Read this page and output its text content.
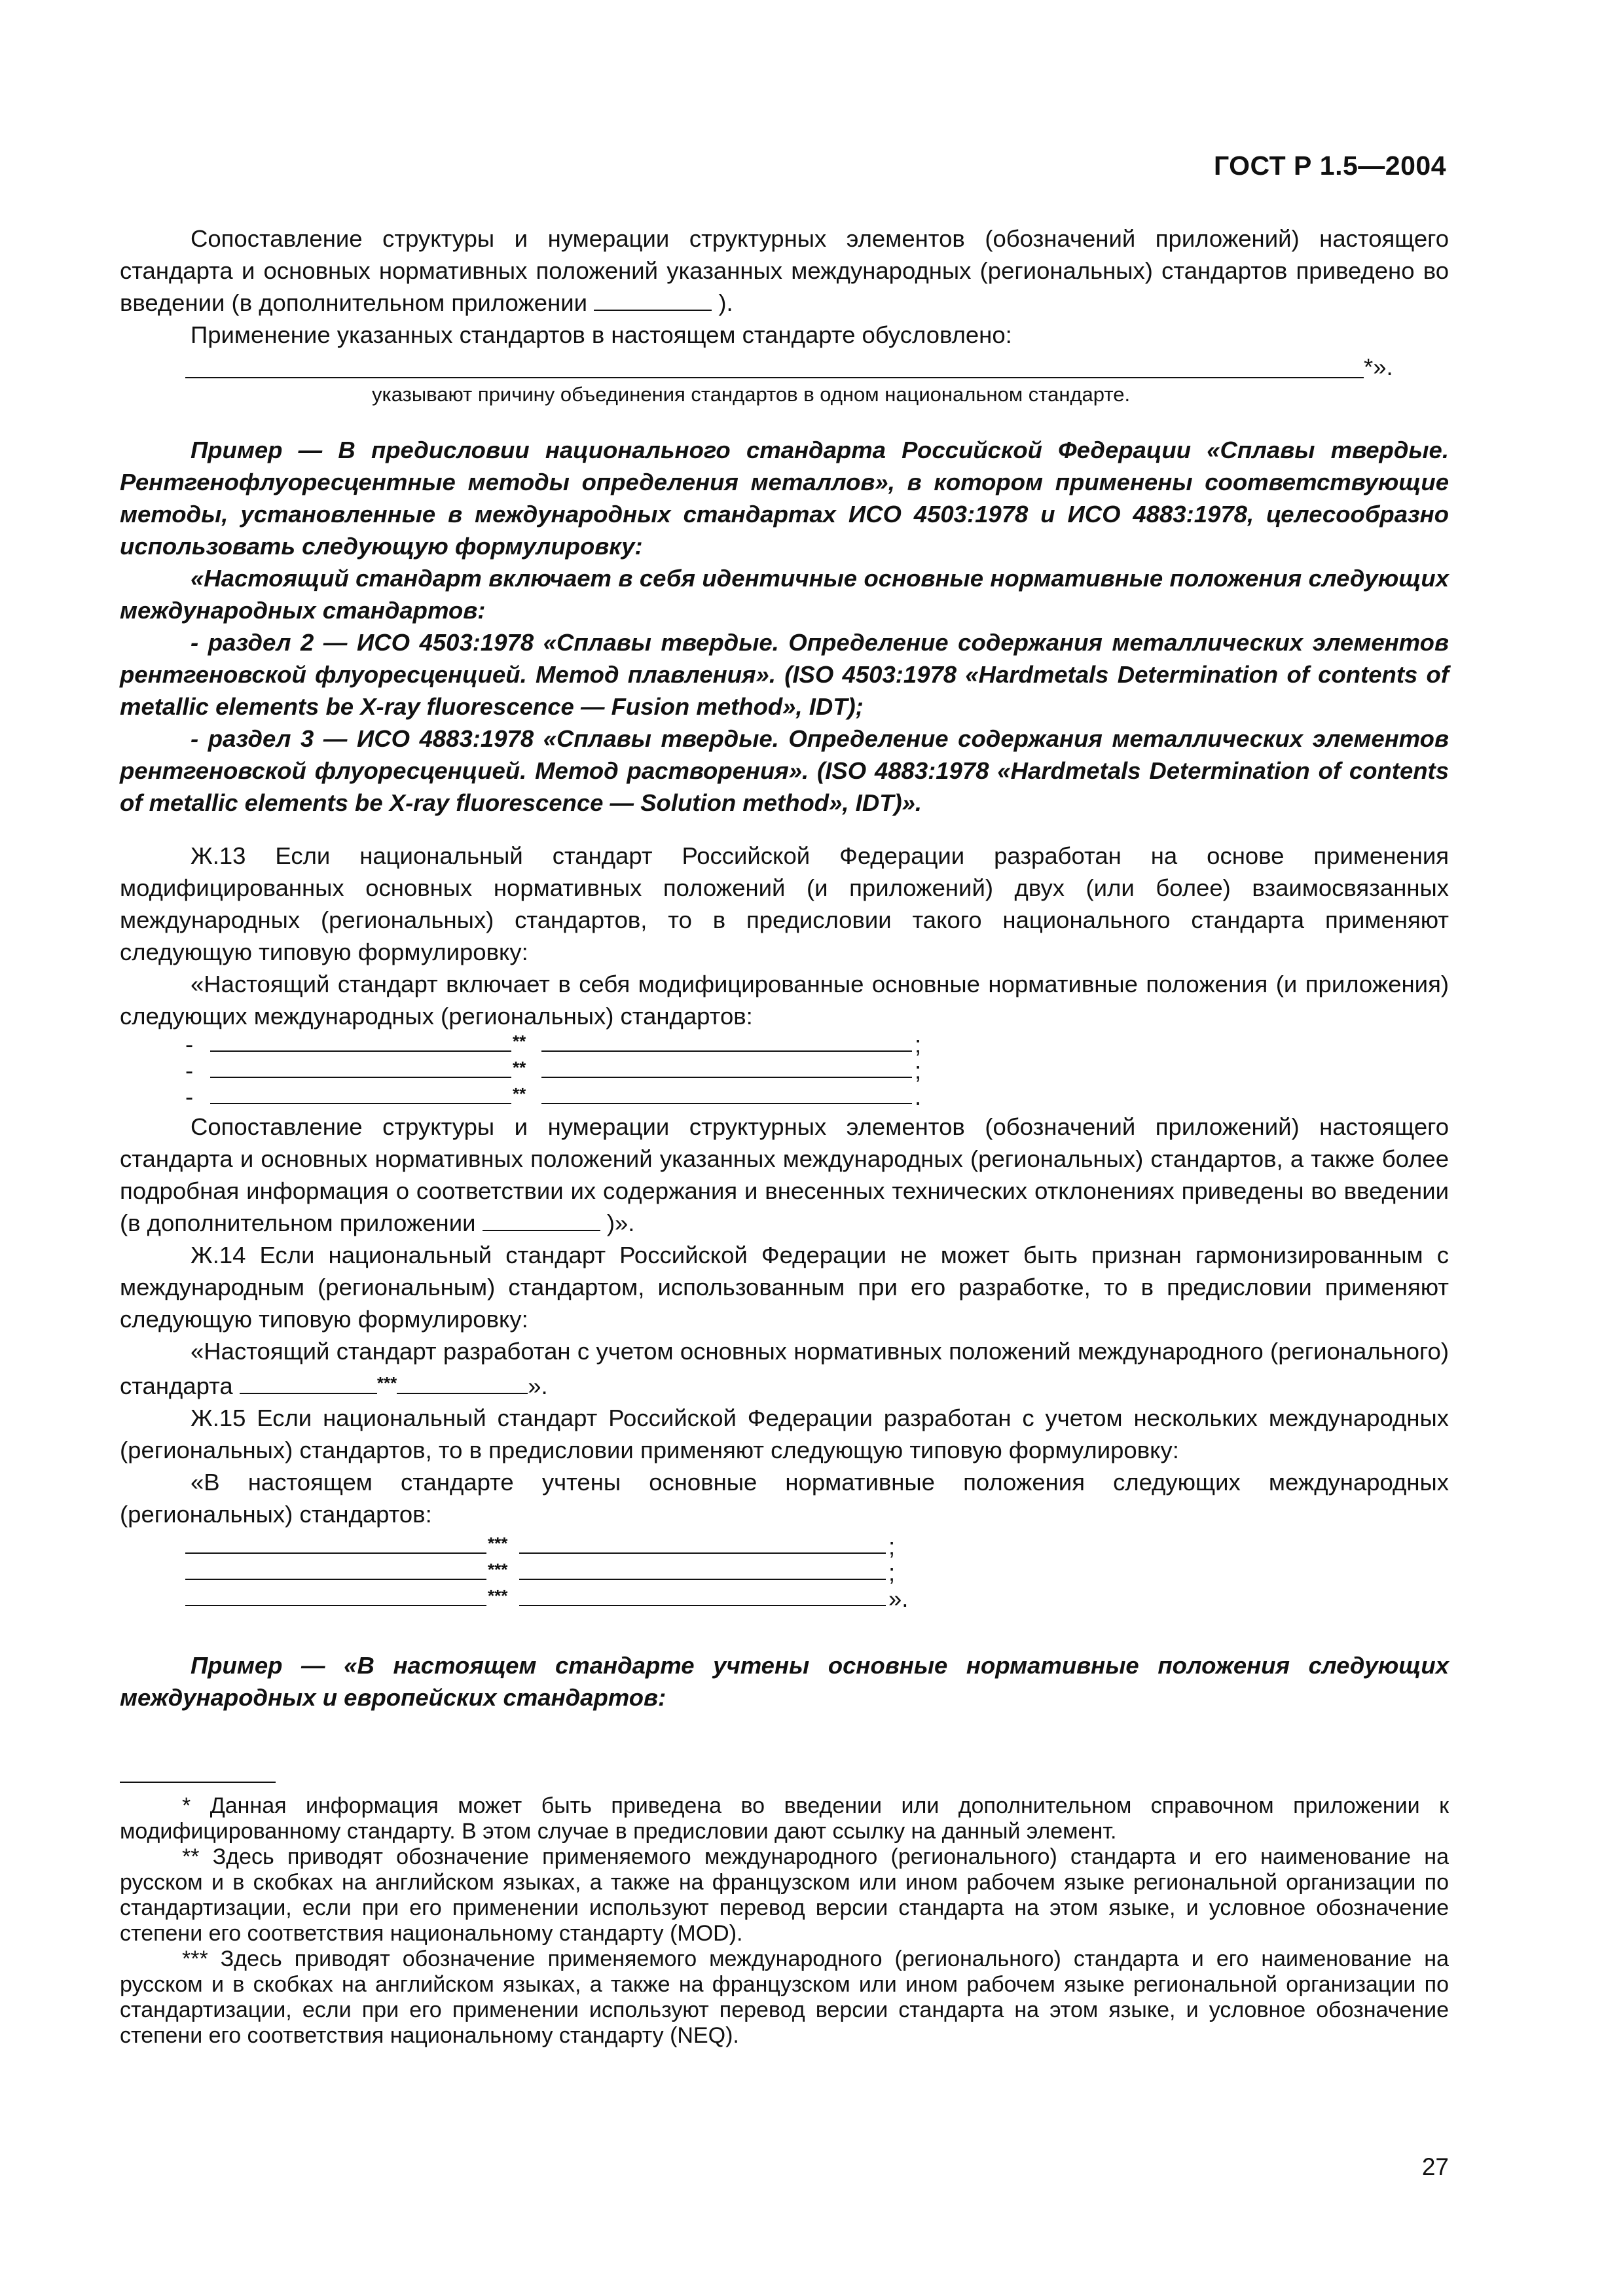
ГОСТ Р 1.5—2004

Сопоставление структуры и нумерации структурных элементов (обозначений приложений) настоящего стандарта и основных нормативных положений указанных международных (региональных) стандартов приведено во введении (в дополнительном приложении	).

Применение указанных стандартов в настоящем стандарте обусловлено:

*».
указывают причину объединения стандартов в одном национальном стандарте.

Пример — В предисловии национального стандарта Российской Федерации «Сплавы твердые. Рентгенофлуоресцентные методы определения металлов», в котором применены соответствующие методы, установленные в международных стандартах ИСО 4503:1978 и ИСО 4883:1978, целесообразно использовать следующую формулировку:

«Настоящий стандарт включает в себя идентичные основные нормативные положения следующих международных стандартов:

- раздел 2 — ИСО 4503:1978 «Сплавы твердые. Определение содержания металлических элементов рентгеновской флуоресценцией. Метод плавления». (ISO 4503:1978 «Hardmetals Determination of contents of metallic elements be X-ray fluorescence — Fusion method», IDT);

- раздел 3 — ИСО 4883:1978 «Сплавы твердые. Определение содержания металлических элементов рентгеновской флуоресценцией. Метод растворения». (ISO 4883:1978 «Hardmetals Determination of contents of metallic elements be X-ray fluorescence — Solution method», IDT)».

Ж.13 Если национальный стандарт Российской Федерации разработан на основе применения модифицированных основных нормативных положений (и приложений) двух (или более) взаимосвязанных международных (региональных) стандартов, то в предисловии такого национального стандарта применяют следующую типовую формулировку:

«Настоящий стандарт включает в себя модифицированные основные нормативные положения (и приложения) следующих международных (региональных) стандартов:

-	**	;
-	**	;
-	**	.

Сопоставление структуры и нумерации структурных элементов (обозначений приложений) настоящего стандарта и основных нормативных положений указанных международных (региональных) стандартов, а также более подробная информация о соответствии их содержания и внесенных технических отклонениях приведены во введении (в дополнительном приложении	)».

Ж.14 Если национальный стандарт Российской Федерации не может быть признан гармонизированным с международным (региональным) стандартом, использованным при его разработке, то в предисловии применяют следующую типовую формулировку:

«Настоящий стандарт разработан с учетом основных нормативных положений международного (регионального) стандарта	***	».

Ж.15 Если национальный стандарт Российской Федерации разработан с учетом нескольких международных (региональных) стандартов, то в предисловии применяют следующую типовую формулировку:

«В настоящем стандарте учтены основные нормативные положения следующих международных (региональных) стандартов:

***	;
***	;
***	».

Пример — «В настоящем стандарте учтены основные нормативные положения следующих международных и европейских стандартов:

* Данная информация может быть приведена во введении или дополнительном справочном приложении к модифицированному стандарту. В этом случае в предисловии дают ссылку на данный элемент.

** Здесь приводят обозначение применяемого международного (регионального) стандарта и его наименование на русском и в скобках на английском языках, а также на французском или ином рабочем языке региональной организации по стандартизации, если при его применении используют перевод версии стандарта на этом языке, и условное обозначение степени его соответствия национальному стандарту (MOD).

*** Здесь приводят обозначение применяемого международного (регионального) стандарта и его наименование на русском и в скобках на английском языках, а также на французском или ином рабочем языке региональной организации по стандартизации, если при его применении используют перевод версии стандарта на этом языке, и условное обозначение степени его соответствия национальному стандарту (NEQ).

27
